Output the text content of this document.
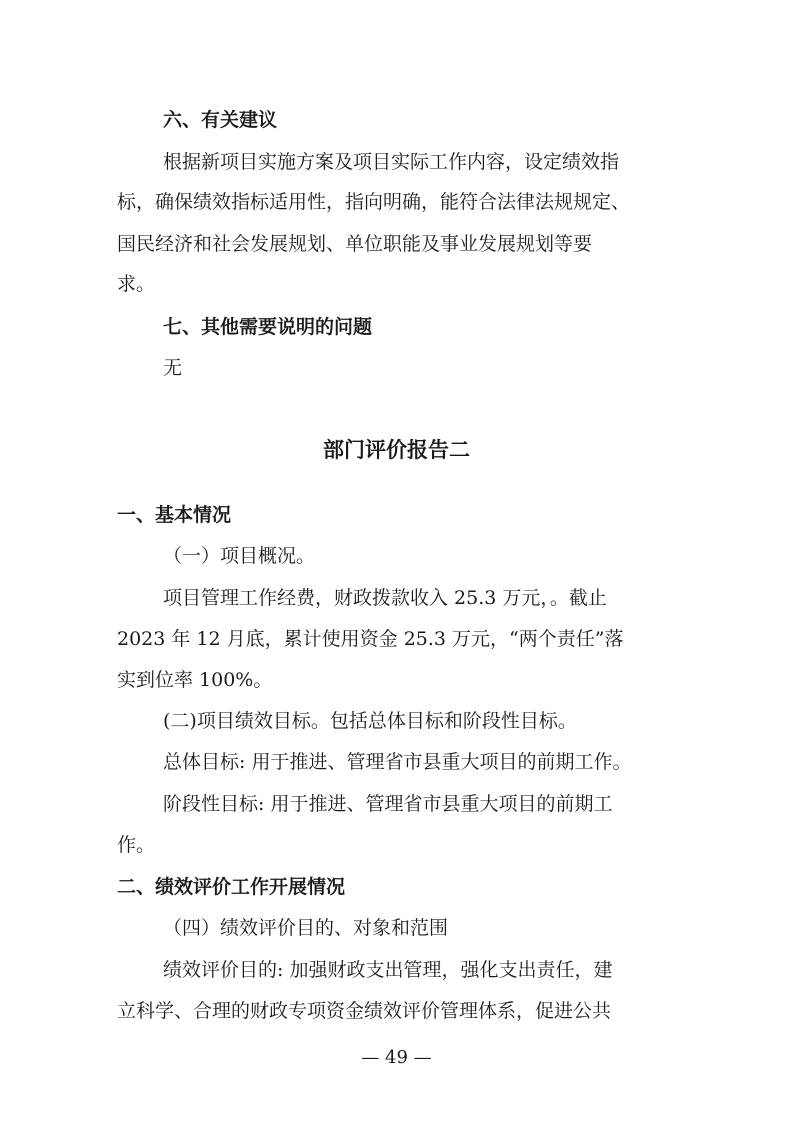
六、有关建议
根据新项目实施方案及项目实际工作内容，设定绩效指
标，确保绩效指标适用性，指向明确，能符合法律法规规定、
国民经济和社会发展规划、单位职能及事业发展规划等要
求。
七、其他需要说明的问题
无
部门评价报告二
一、基本情况
（一）项目概况。
项目管理工作经费，财政拨款收入 25.3 万元，。截止
2023 年 12 月底，累计使用资金 25.3 万元，“两个责任”落
实到位率 100%。
(二)项目绩效目标。包括总体目标和阶段性目标。
总体目标: 用于推进、管理省市县重大项目的前期工作。
阶段性目标: 用于推进、管理省市县重大项目的前期工
作。
二、绩效评价工作开展情况
（四）绩效评价目的、对象和范围
绩效评价目的: 加强财政支出管理，强化支出责任，建
立科学、合理的财政专项资金绩效评价管理体系，促进公共
— 49 —
